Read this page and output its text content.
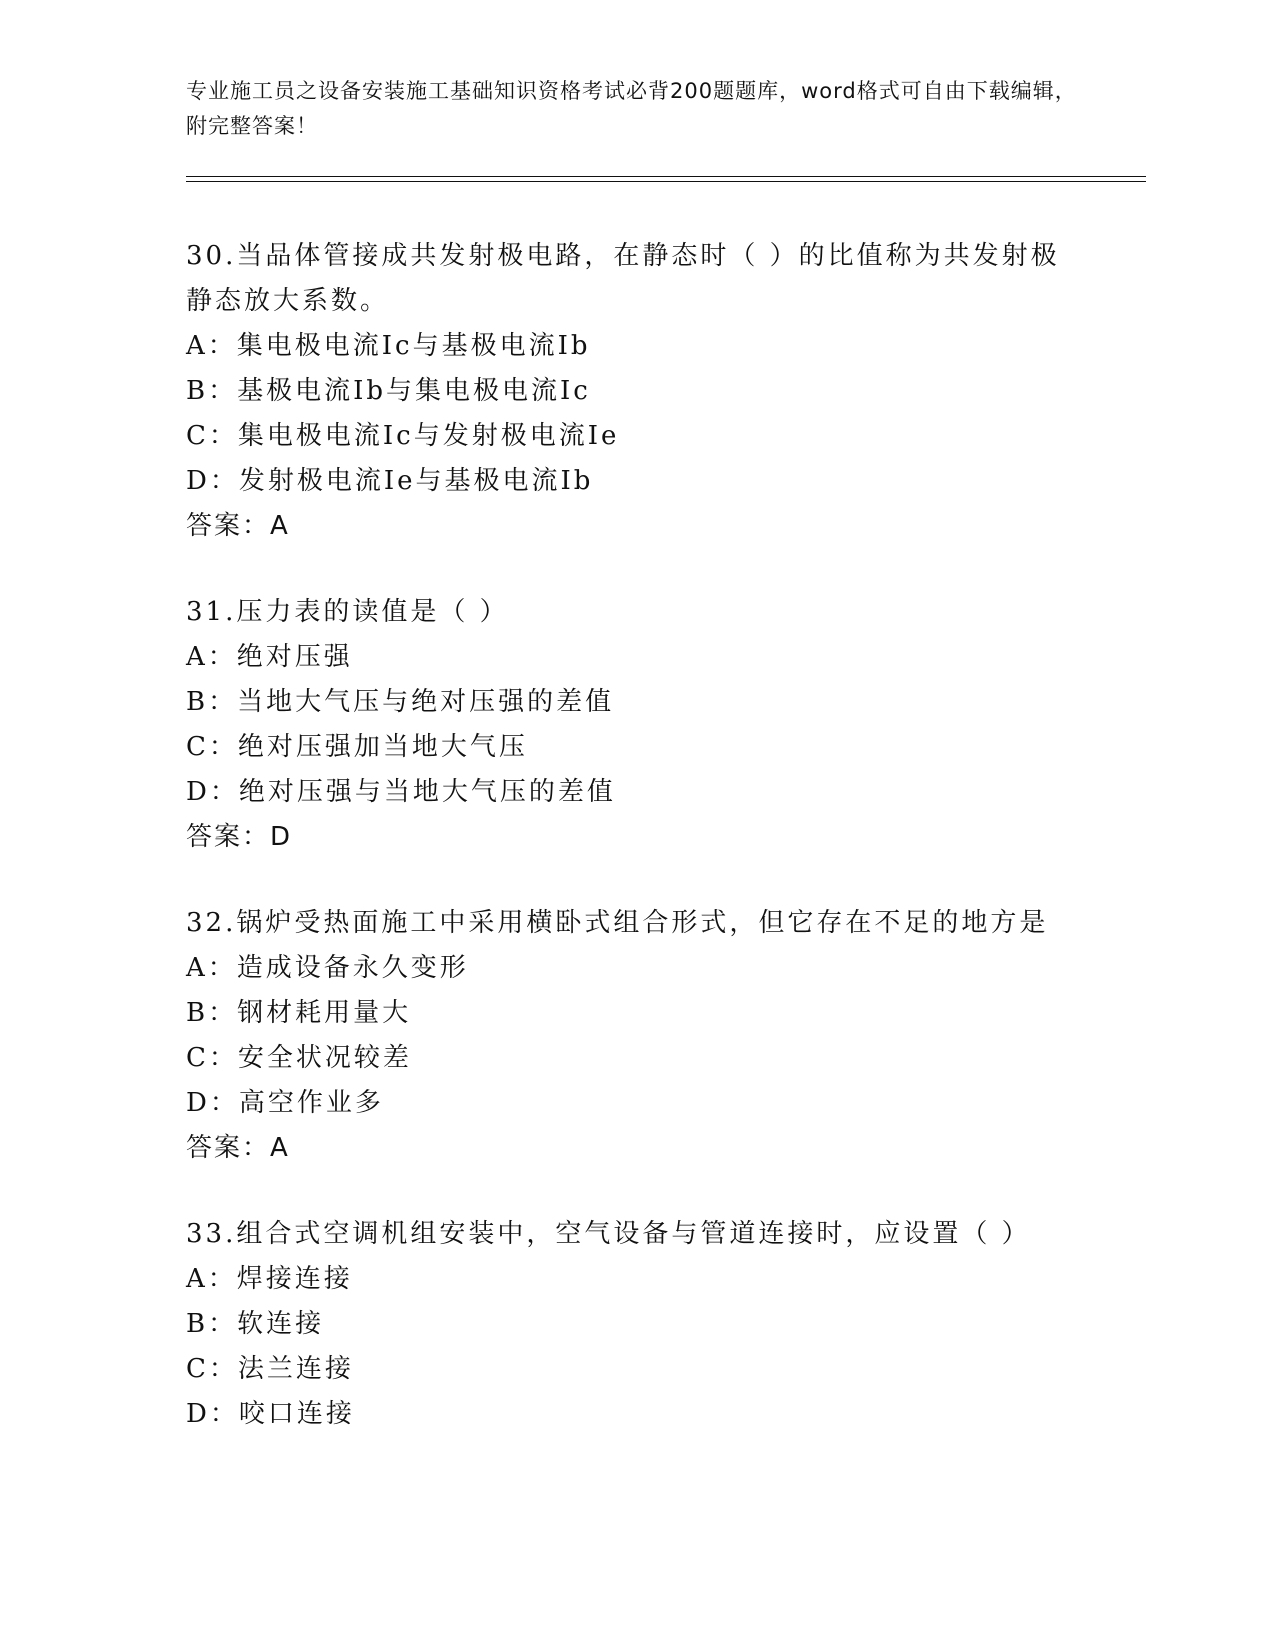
专业施工员之设备安装施工基础知识资格考试必背200题题库，word格式可自由下载编辑，附完整答案！
30.当品体管接成共发射极电路，在静态时（ ）的比值称为共发射极静态放大系数。
A：集电极电流Ic与基极电流Ib
B：基极电流Ib与集电极电流Ic
C：集电极电流Ic与发射极电流Ie
D：发射极电流Ie与基极电流Ib
答案：A
31.压力表的读值是（ ）
A：绝对压强
B：当地大气压与绝对压强的差值
C：绝对压强加当地大气压
D：绝对压强与当地大气压的差值
答案：D
32.锅炉受热面施工中采用横卧式组合形式，但它存在不足的地方是
A：造成设备永久变形
B：钢材耗用量大
C：安全状况较差
D：高空作业多
答案：A
33.组合式空调机组安装中，空气设备与管道连接时，应设置（ ）
A：焊接连接
B：软连接
C：法兰连接
D：咬口连接
